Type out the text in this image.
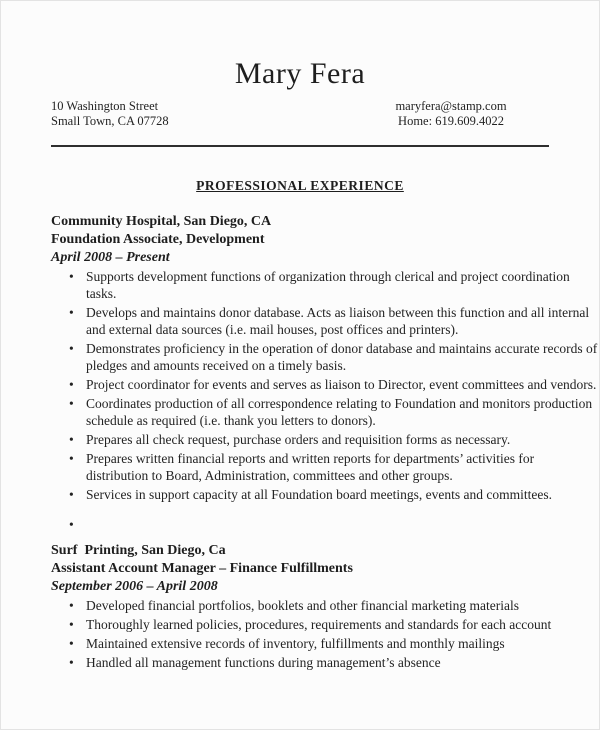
Mary Fera
10 Washington Street
Small Town, CA 07728
maryfera@stamp.com
Home: 619.609.4022
PROFESSIONAL EXPERIENCE
Community Hospital, San Diego, CA
Foundation Associate, Development
April 2008 – Present
• Supports development functions of organization through clerical and project coordination tasks.
• Develops and maintains donor database. Acts as liaison between this function and all internal and external data sources (i.e. mail houses, post offices and printers).
• Demonstrates proficiency in the operation of donor database and maintains accurate records of pledges and amounts received on a timely basis.
• Project coordinator for events and serves as liaison to Director, event committees and vendors.
• Coordinates production of all correspondence relating to Foundation and monitors production schedule as required (i.e. thank you letters to donors).
• Prepares all check request, purchase orders and requisition forms as necessary.
• Prepares written financial reports and written reports for departments’ activities for distribution to Board, Administration, committees and other groups.
• Services in support capacity at all Foundation board meetings, events and committees.
•
Surf  Printing, San Diego, Ca
Assistant Account Manager – Finance Fulfillments
September 2006 – April 2008
• Developed financial portfolios, booklets and other financial marketing materials
• Thoroughly learned policies, procedures, requirements and standards for each account
• Maintained extensive records of inventory, fulfillments and monthly mailings
• Handled all management functions during management’s absence
